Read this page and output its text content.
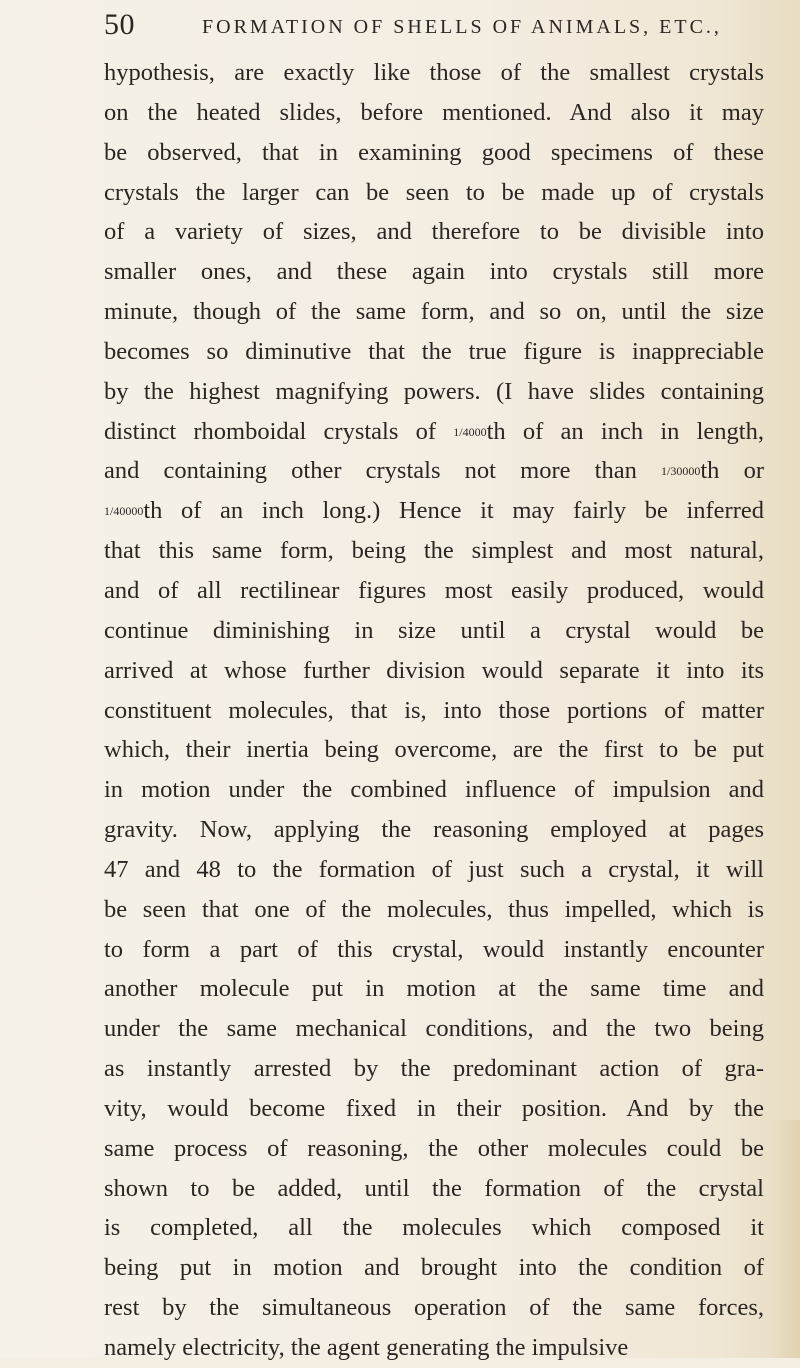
50	FORMATION OF SHELLS OF ANIMALS, ETC.,
hypothesis, are exactly like those of the smallest crystals
on the heated slides, before mentioned. And also it may
be observed, that in examining good specimens of these
crystals the larger can be seen to be made up of crystals
of a variety of sizes, and therefore to be divisible into
smaller ones, and these again into crystals still more
minute, though of the same form, and so on, until the size
becomes so diminutive that the true figure is inappreciable
by the highest magnifying powers. (I have slides containing
distinct rhomboidal crystals of 1/4000th of an inch in length,
and containing other crystals not more than 1/30000th or
1/40000th of an inch long.) Hence it may fairly be inferred
that this same form, being the simplest and most natural,
and of all rectilinear figures most easily produced, would
continue diminishing in size until a crystal would be
arrived at whose further division would separate it into its
constituent molecules, that is, into those portions of matter
which, their inertia being overcome, are the first to be put
in motion under the combined influence of impulsion and
gravity. Now, applying the reasoning employed at pages
47 and 48 to the formation of just such a crystal, it will
be seen that one of the molecules, thus impelled, which is
to form a part of this crystal, would instantly encounter
another molecule put in motion at the same time and
under the same mechanical conditions, and the two being
as instantly arrested by the predominant action of gra-
vity, would become fixed in their position. And by the
same process of reasoning, the other molecules could be
shown to be added, until the formation of the crystal
is completed, all the molecules which composed it
being put in motion and brought into the condition of
rest by the simultaneous operation of the same forces,
namely electricity, the agent generating the impulsive
